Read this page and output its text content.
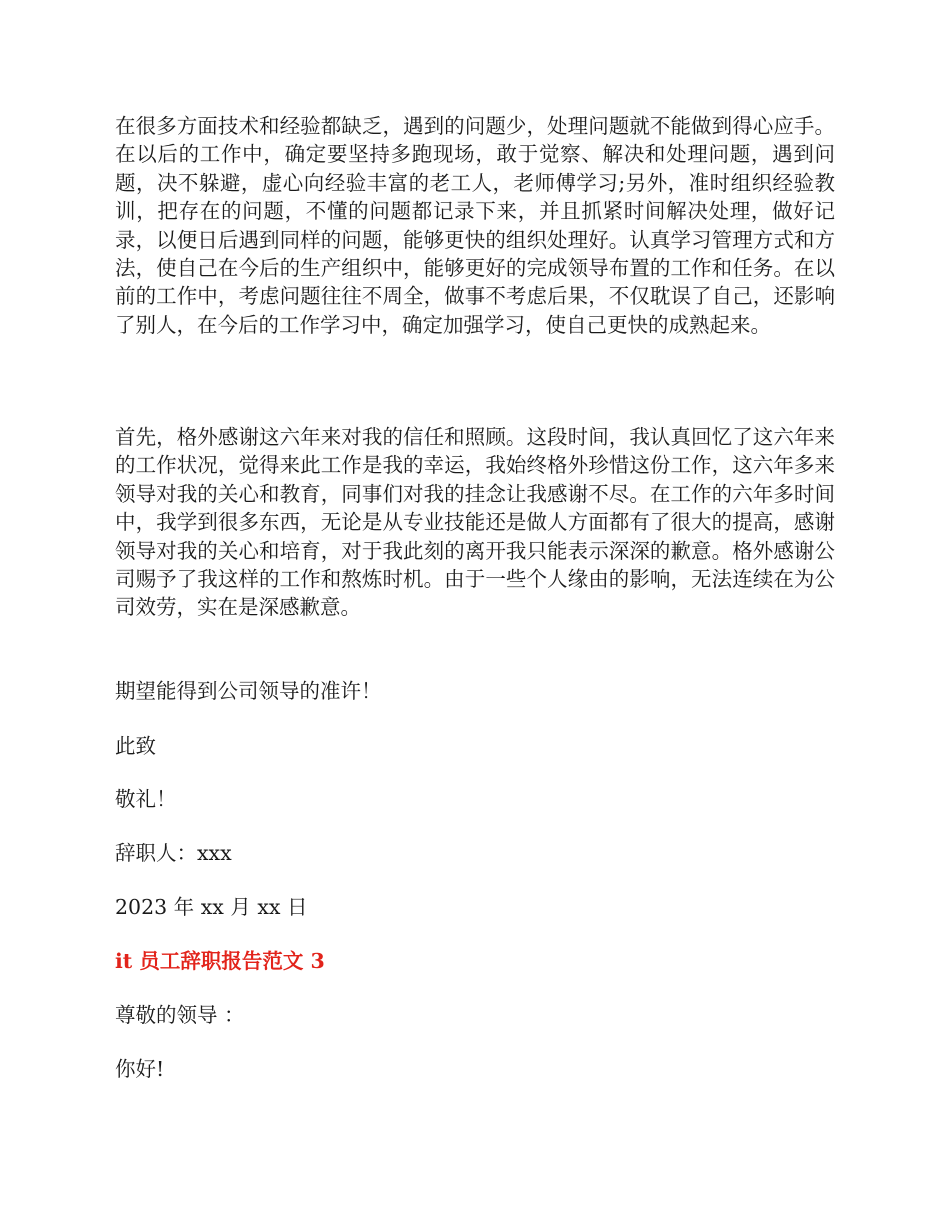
在很多方面技术和经验都缺乏，遇到的问题少，处理问题就不能做到得心应手。在以后的工作中，确定要坚持多跑现场，敢于觉察、解决和处理问题，遇到问题，决不躲避，虚心向经验丰富的老工人，老师傅学习;另外，准时组织经验教训，把存在的问题，不懂的问题都记录下来，并且抓紧时间解决处理，做好记录，以便日后遇到同样的问题，能够更快的组织处理好。认真学习管理方式和方法，使自己在今后的生产组织中，能够更好的完成领导布置的工作和任务。在以前的工作中，考虑问题往往不周全，做事不考虑后果，不仅耽误了自己，还影响了别人，在今后的工作学习中，确定加强学习，使自己更快的成熟起来。

首先，格外感谢这六年来对我的信任和照顾。这段时间，我认真回忆了这六年来的工作状况，觉得来此工作是我的幸运，我始终格外珍惜这份工作，这六年多来领导对我的关心和教育，同事们对我的挂念让我感谢不尽。在工作的六年多时间中，我学到很多东西，无论是从专业技能还是做人方面都有了很大的提高，感谢领导对我的关心和培育，对于我此刻的离开我只能表示深深的歉意。格外感谢公司赐予了我这样的工作和熬炼时机。由于一些个人缘由的影响，无法连续在为公司效劳，实在是深感歉意。

期望能得到公司领导的准许！
此致
敬礼！
辞职人：xxx
2023 年 xx 月 xx 日
it 员工辞职报告范文 3
尊敬的领导 ：
你好!
